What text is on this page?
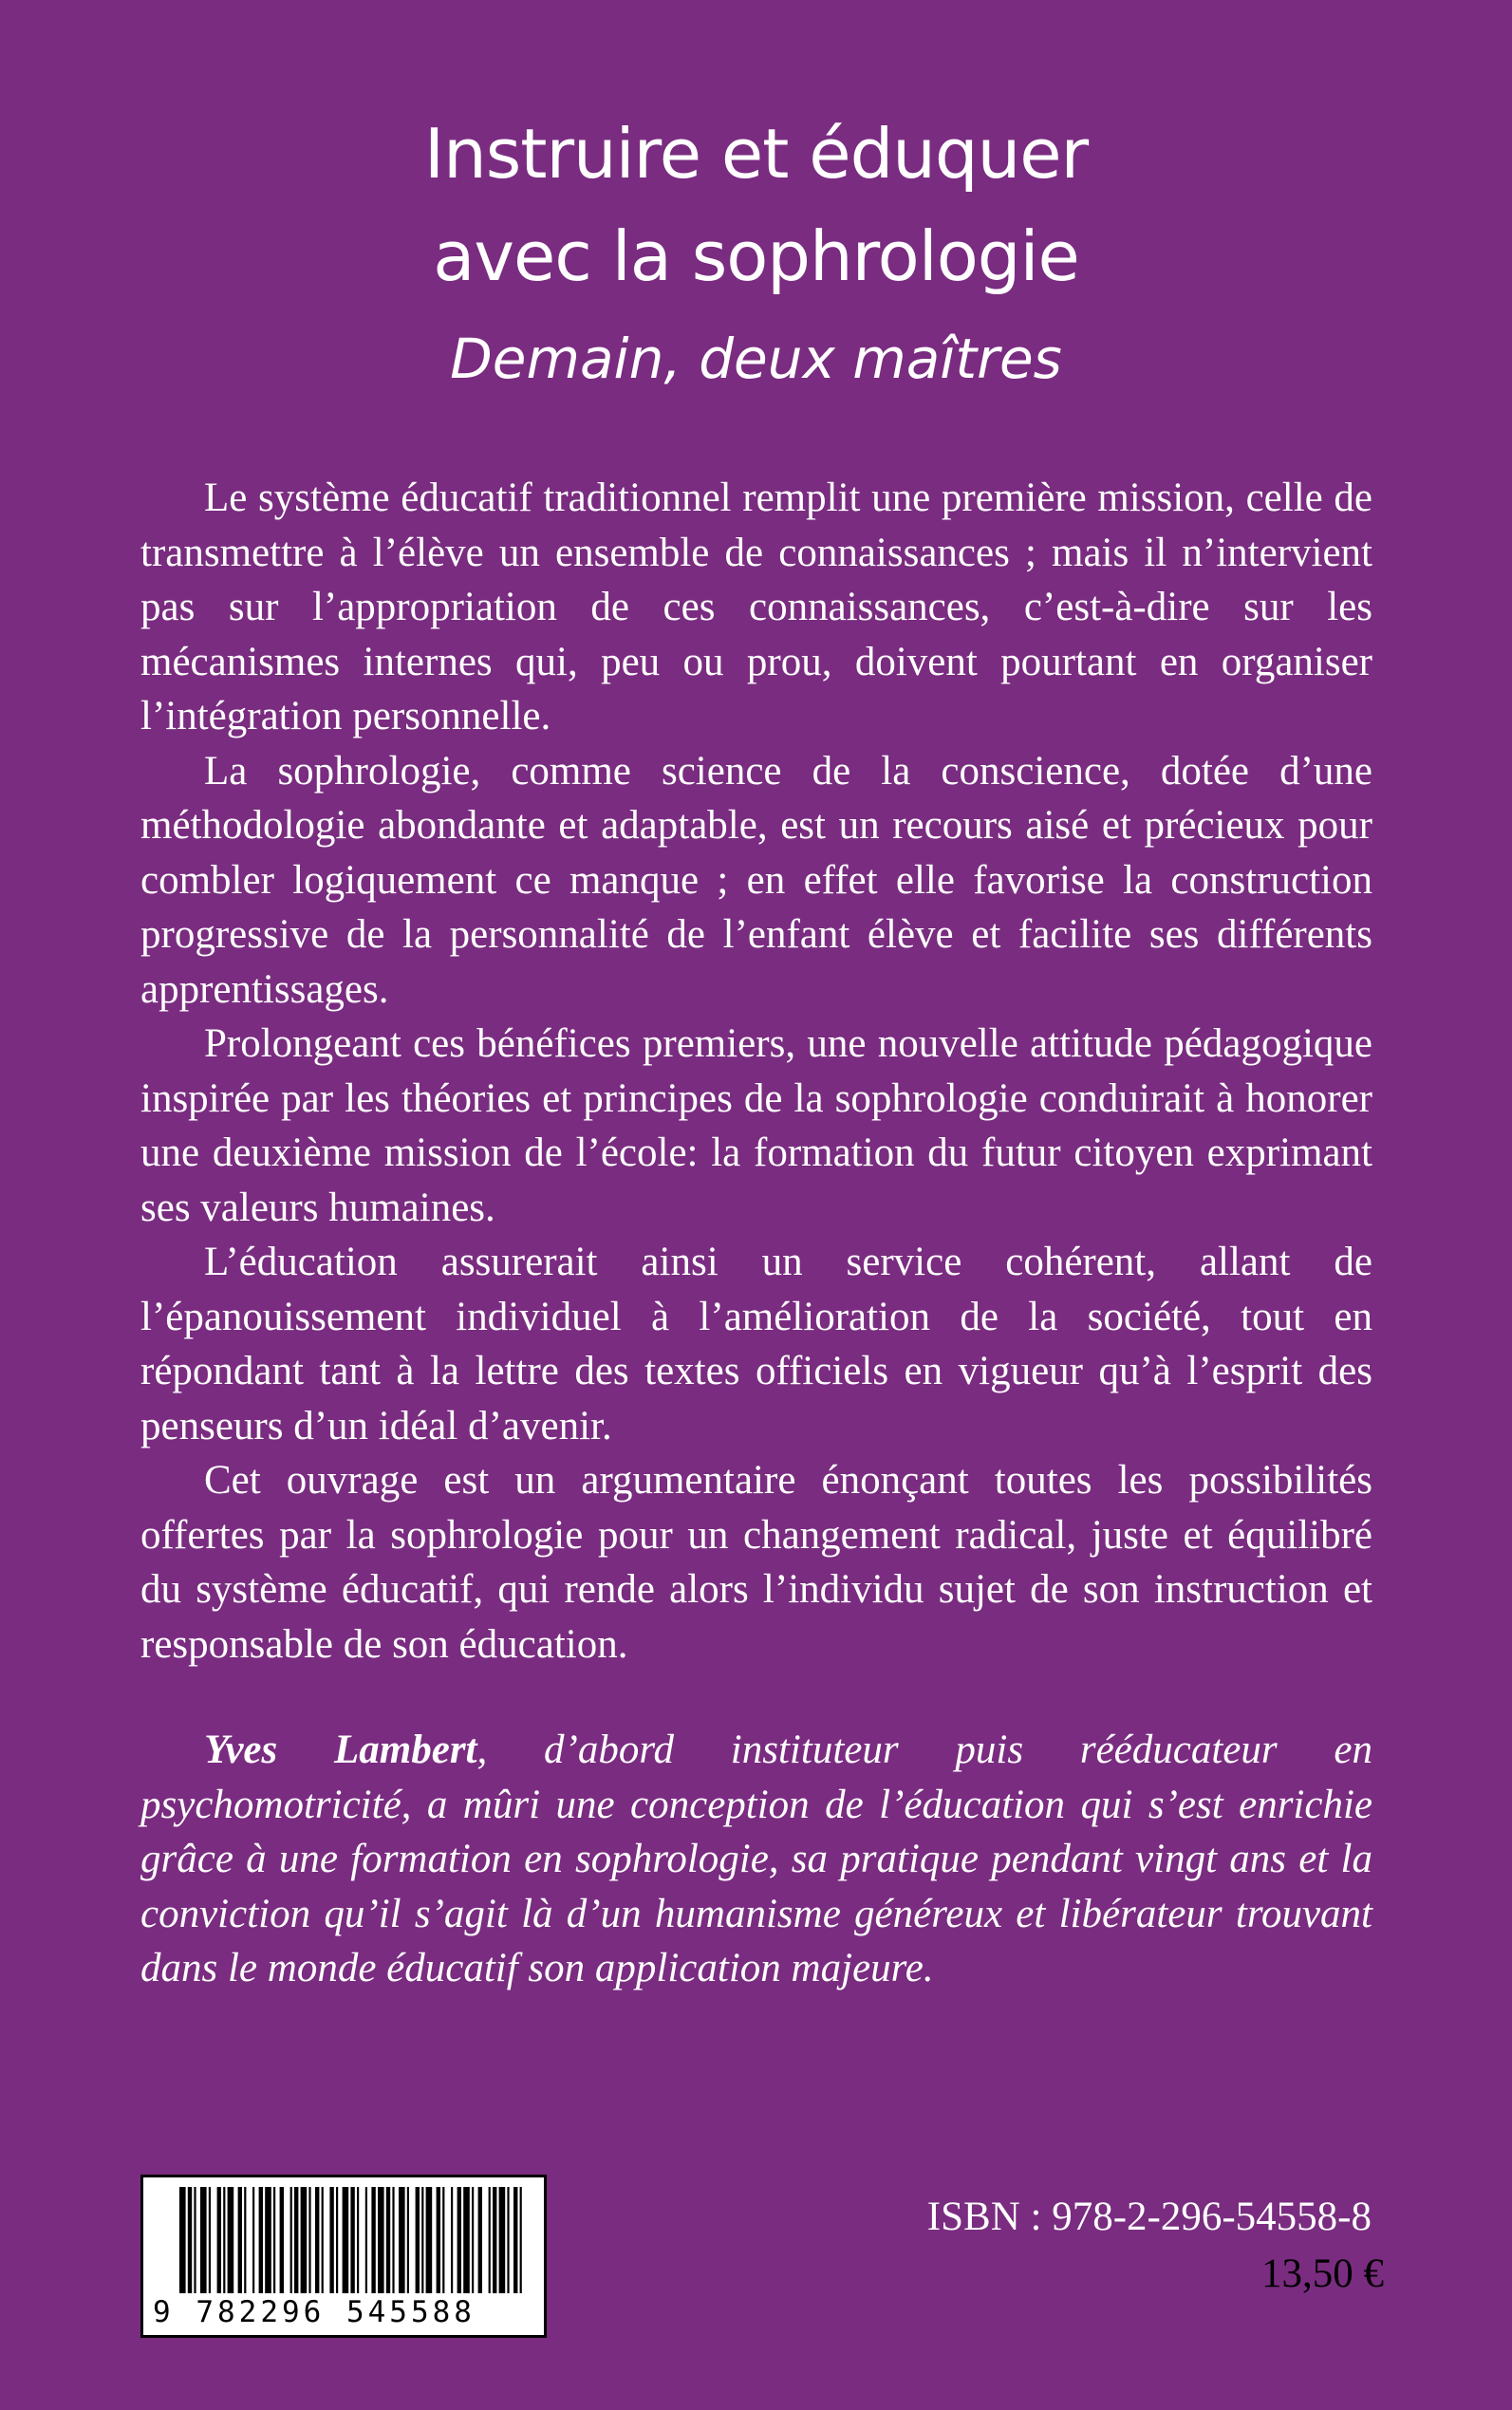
Instruire et éduquer
avec la sophrologie
Demain, deux maîtres

Le système éducatif traditionnel remplit une première mission, celle de transmettre à l’élève un ensemble de connaissances ; mais il n’intervient pas sur l’appropriation de ces connaissances, c’est-à-dire sur les mécanismes internes qui, peu ou prou, doivent pourtant en organiser l’intégration personnelle.

La sophrologie, comme science de la conscience, dotée d’une méthodologie abondante et adaptable, est un recours aisé et précieux pour combler logiquement ce manque ; en effet elle favorise la construction progressive de la personnalité de l’enfant élève et facilite ses différents apprentissages.

Prolongeant ces bénéfices premiers, une nouvelle attitude pédagogique inspirée par les théories et principes de la sophrologie conduirait à honorer une deuxième mission de l’école: la formation du futur citoyen exprimant ses valeurs humaines.

L’éducation assurerait ainsi un service cohérent, allant de l’épanouissement individuel à l’amélioration de la société, tout en répondant tant à la lettre des textes officiels en vigueur qu’à l’esprit des penseurs d’un idéal d’avenir.

Cet ouvrage est un argumentaire énonçant toutes les possibilités offertes par la sophrologie pour un changement radical, juste et équilibré du système éducatif, qui rende alors l’individu sujet de son instruction et responsable de son éducation.

Yves Lambert, d’abord instituteur puis rééducateur en psychomotricité, a mûri une conception de l’éducation qui s’est enrichie grâce à une formation en sophrologie, sa pratique pendant vingt ans et la conviction qu’il s’agit là d’un humanisme généreux et libérateur trouvant dans le monde éducatif son application majeure.

9 782296 545588
ISBN : 978-2-296-54558-8
13,50 €
